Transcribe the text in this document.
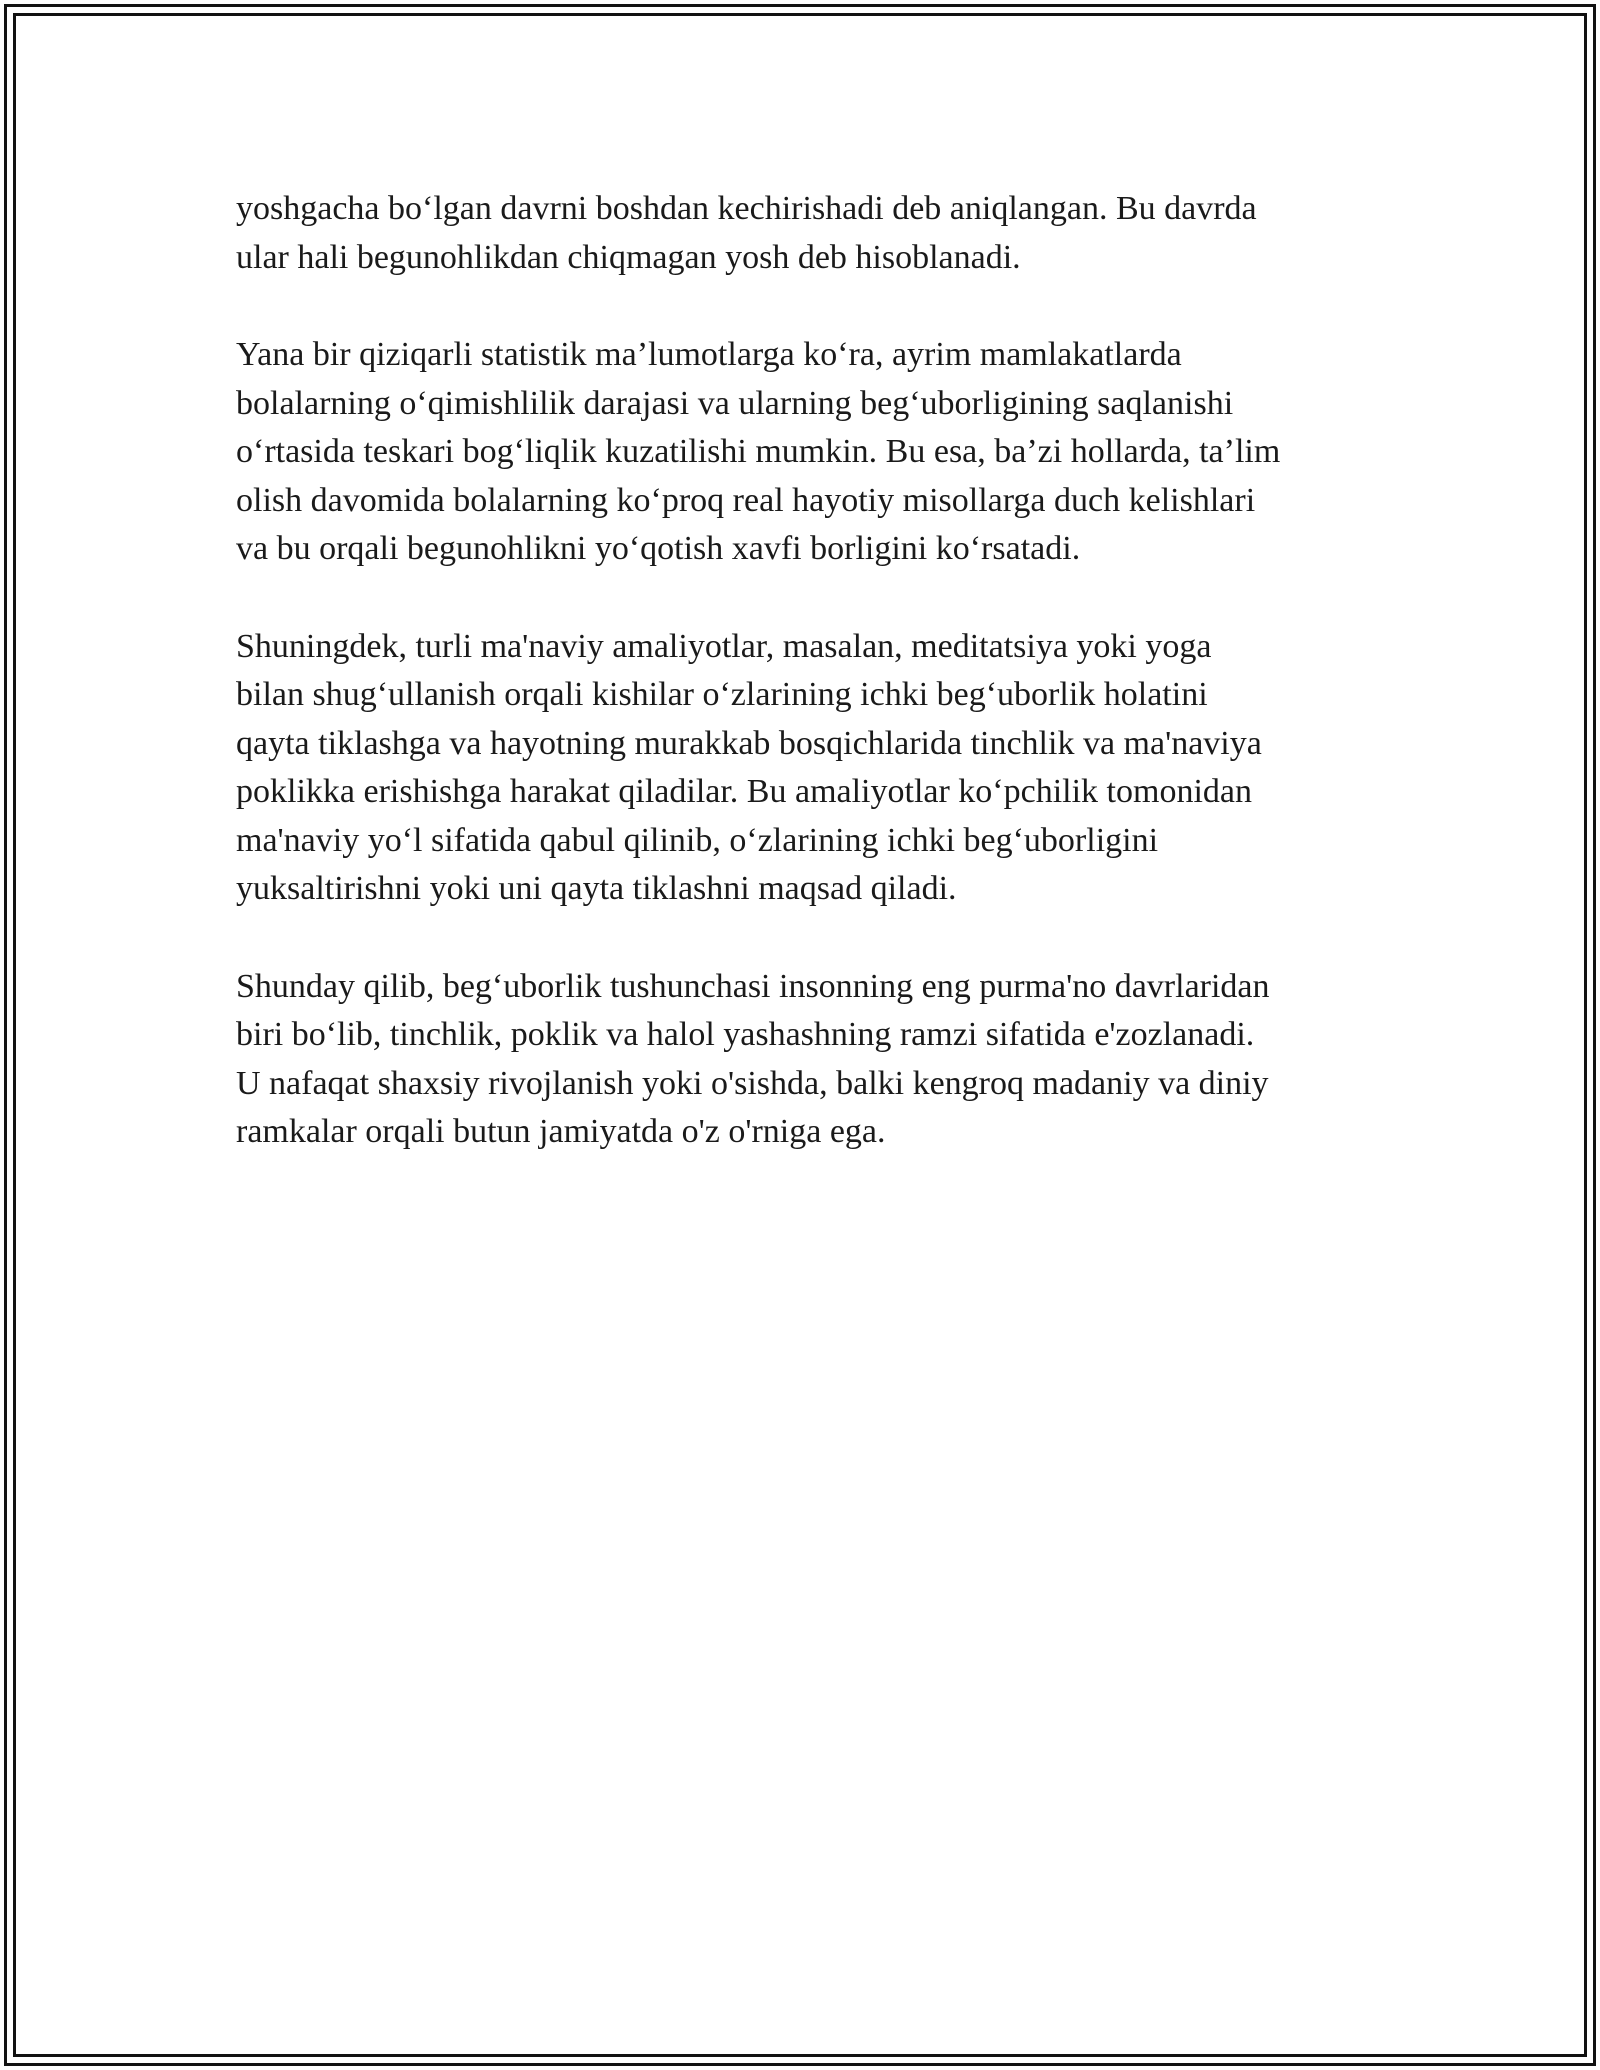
yoshgacha bo‘lgan davrni boshdan kechirishadi deb aniqlangan. Bu davrda
ular hali begunohlikdan chiqmagan yosh deb hisoblanadi.

Yana bir qiziqarli statistik ma’lumotlarga ko‘ra, ayrim mamlakatlarda
bolalarning o‘qimishlilik darajasi va ularning beg‘uborligining saqlanishi
o‘rtasida teskari bog‘liqlik kuzatilishi mumkin. Bu esa, ba’zi hollarda, ta’lim
olish davomida bolalarning ko‘proq real hayotiy misollarga duch kelishlari
va bu orqali begunohlikni yo‘qotish xavfi borligini ko‘rsatadi.

Shuningdek, turli ma'naviy amaliyotlar, masalan, meditatsiya yoki yoga
bilan shug‘ullanish orqali kishilar o‘zlarining ichki beg‘uborlik holatini
qayta tiklashga va hayotning murakkab bosqichlarida tinchlik va ma'naviya
poklikka erishishga harakat qiladilar. Bu amaliyotlar ko‘pchilik tomonidan
ma'naviy yo‘l sifatida qabul qilinib, o‘zlarining ichki beg‘uborligini
yuksaltirishni yoki uni qayta tiklashni maqsad qiladi.

Shunday qilib, beg‘uborlik tushunchasi insonning eng purma'no davrlaridan
biri bo‘lib, tinchlik, poklik va halol yashashning ramzi sifatida e'zozlanadi.
U nafaqat shaxsiy rivojlanish yoki o'sishda, balki kengroq madaniy va diniy
ramkalar orqali butun jamiyatda o'z o'rniga ega.
